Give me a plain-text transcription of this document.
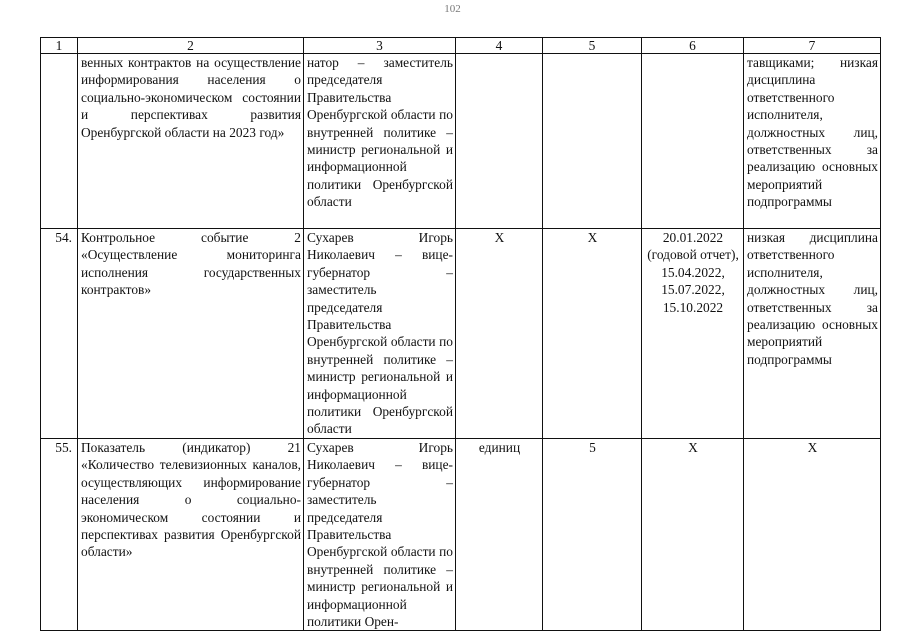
102
1	2	3	4	5	6	7
	венных контрактов на осуществление информирования населения о социально-экономическом состоянии и перспективах развития Оренбургской области на 2023 год»	натор – заместитель председателя Правительства Оренбургской области по внутренней политике – министр региональной и информационной политики Оренбургской области				тавщиками; низкая дисциплина ответственного исполнителя, должностных лиц, ответственных за реализацию основных мероприятий подпрограммы
54.	Контрольное событие 2 «Осуществление мониторинга исполнения государственных контрактов»	Сухарев Игорь Николаевич – вице-губернатор – заместитель председателя Правительства Оренбургской области по внутренней политике – министр региональной и информационной политики Оренбургской области	Х	Х	20.01.2022 (годовой отчет), 15.04.2022, 15.07.2022, 15.10.2022	низкая дисциплина ответственного исполнителя, должностных лиц, ответственных за реализацию основных мероприятий подпрограммы
55.	Показатель (индикатор) 21 «Количество телевизионных каналов, осуществляющих информирование населения о социально-экономическом состоянии и перспективах развития Оренбургской области»	Сухарев Игорь Николаевич – вице-губернатор – заместитель председателя Правительства Оренбургской области по внутренней политике – министр региональной и информационной политики Орен-	единиц	5	Х	Х
